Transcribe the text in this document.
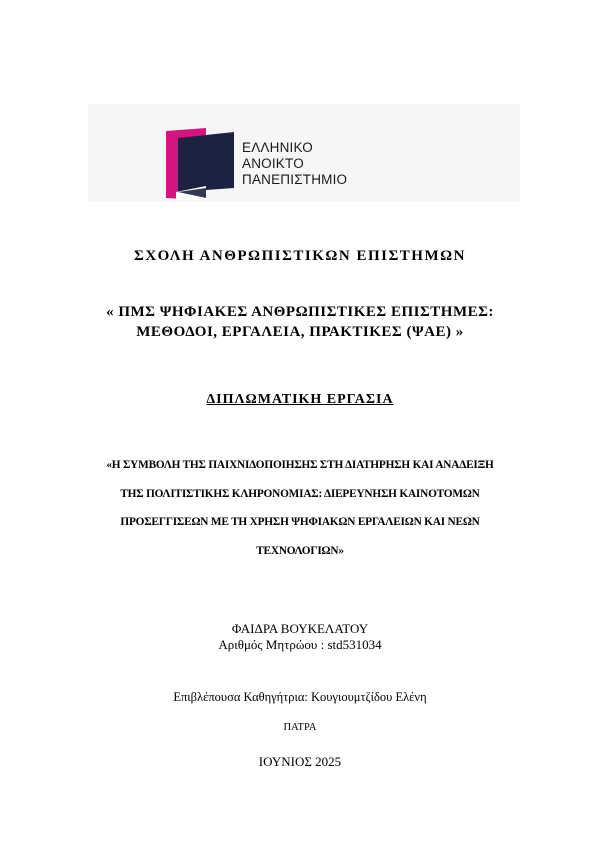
ΕΛΛΗΝΙΚΟ
ΑΝΟΙΚΤΟ
ΠΑΝΕΠΙΣΤΗΜΙΟ
ΣΧΟΛΗ ΑΝΘΡΩΠΙΣΤΙΚΩΝ ΕΠΙΣΤΗΜΩΝ
« ΠΜΣ ΨΗΦΙΑΚΕΣ ΑΝΘΡΩΠΙΣΤΙΚΕΣ ΕΠΙΣΤΗΜΕΣ:
ΜΕΘΟΔΟΙ, ΕΡΓΑΛΕΙΑ, ΠΡΑΚΤΙΚΕΣ (ΨΑΕ) »
ΔΙΠΛΩΜΑΤΙΚΗ ΕΡΓΑΣΙΑ
«Η ΣΥΜΒΟΛΗ ΤΗΣ ΠΑΙΧΝΙΔΟΠΟΙΗΣΗΣ ΣΤΗ ΔΙΑΤΗΡΗΣΗ ΚΑΙ ΑΝΑΔΕΙΞΗ
ΤΗΣ ΠΟΛΙΤΙΣΤΙΚΗΣ ΚΛΗΡΟΝΟΜΙΑΣ: ΔΙΕΡΕΥΝΗΣΗ ΚΑΙΝΟΤΟΜΩΝ
ΠΡΟΣΕΓΓΙΣΕΩΝ ΜΕ ΤΗ ΧΡΗΣΗ ΨΗΦΙΑΚΩΝ ΕΡΓΑΛΕΙΩΝ ΚΑΙ ΝΕΩΝ
ΤΕΧΝΟΛΟΓΙΩΝ»
ΦΑΙΔΡΑ ΒΟΥΚΕΛΑΤΟΥ
Αριθμός Μητρώου : std531034
Επιβλέπουσα Καθηγήτρια: Κουγιουμτζίδου Ελένη
ΠΑΤΡΑ
ΙΟΥΝΙΟΣ 2025
